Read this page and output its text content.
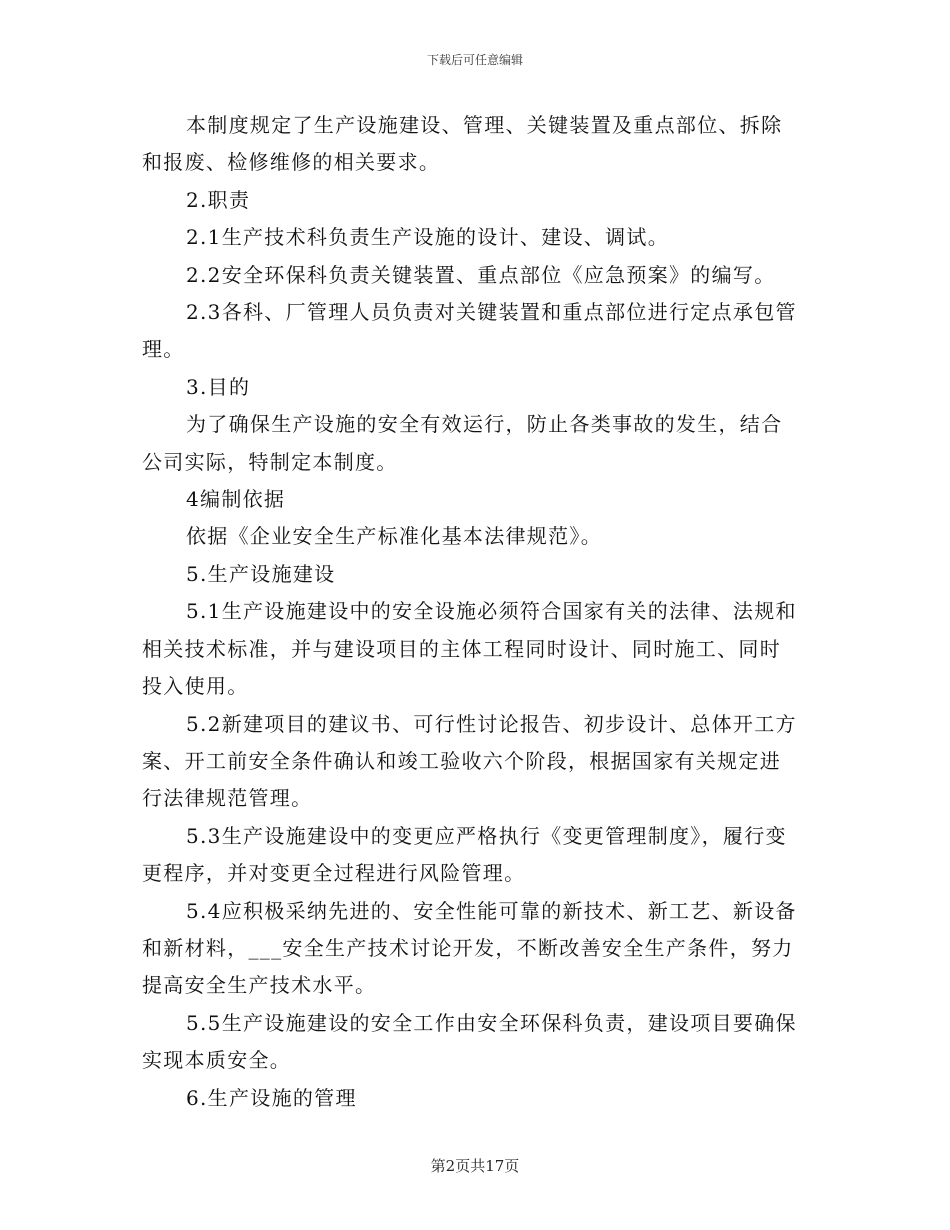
下载后可任意编辑

本制度规定了生产设施建设、管理、关键装置及重点部位、拆除
和报废、检修维修的相关要求。

2.职责

2.1生产技术科负责生产设施的设计、建设、调试。

2.2安全环保科负责关键装置、重点部位《应急预案》的编写。

2.3各科、厂管理人员负责对关键装置和重点部位进行定点承包管
理。

3.目的

为了确保生产设施的安全有效运行，防止各类事故的发生，结合
公司实际，特制定本制度。

4编制依据

依据《企业安全生产标准化基本法律规范》。

5.生产设施建设

5.1生产设施建设中的安全设施必须符合国家有关的法律、法规和
相关技术标准，并与建设项目的主体工程同时设计、同时施工、同时
投入使用。

5.2新建项目的建议书、可行性讨论报告、初步设计、总体开工方
案、开工前安全条件确认和竣工验收六个阶段，根据国家有关规定进
行法律规范管理。

5.3生产设施建设中的变更应严格执行《变更管理制度》，履行变
更程序，并对变更全过程进行风险管理。

5.4应积极采纳先进的、安全性能可靠的新技术、新工艺、新设备
和新材料，___安全生产技术讨论开发，不断改善安全生产条件，努力
提高安全生产技术水平。

5.5生产设施建设的安全工作由安全环保科负责，建设项目要确保
实现本质安全。

6.生产设施的管理

第2页共17页
